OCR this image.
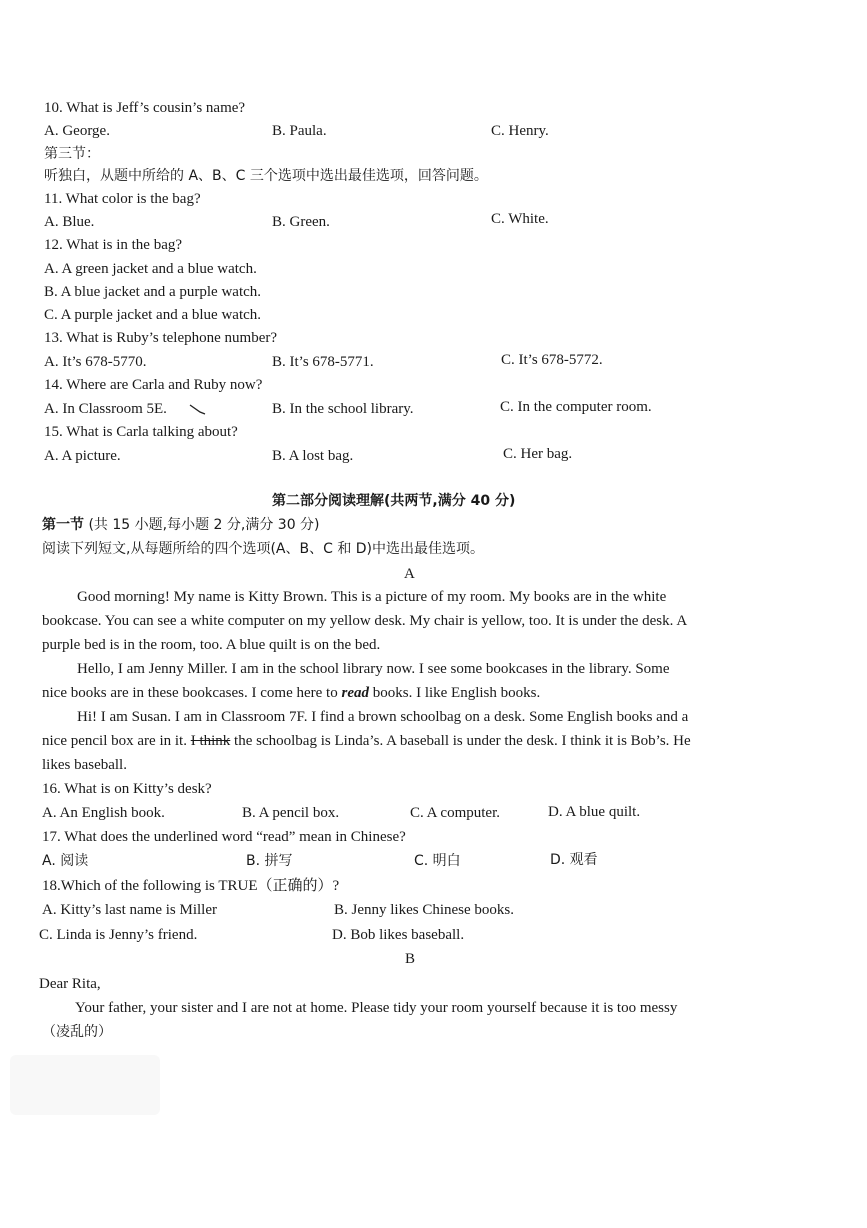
10. What is Jeff’s cousin’s name?
A. George.	B. Paula.	C. Henry.
第三节：
听独白，从题中所给的 A、B、C 三个选项中选出最佳选项，回答问题。
11. What color is the bag?
A. Blue.	B. Green.	C. White.
12. What is in the bag?
A. A green jacket and a blue watch.
B. A blue jacket and a purple watch.
C. A purple jacket and a blue watch.
13. What is Ruby’s telephone number?
A. It’s 678-5770.	B. It’s 678-5771.	C. It’s 678-5772.
14. Where are Carla and Ruby now?
A. In Classroom 5E.	B. In the school library.	C. In the computer room.
15. What is Carla talking about?
A. A picture.	B. A lost bag.	C. Her bag.
第二部分阅读理解(共两节,满分 40 分)
第一节 (共 15 小题,每小题 2 分,满分 30 分)
阅读下列短文,从每题所给的四个选项(A、B、C 和 D)中选出最佳选项。
A
Good morning! My name is Kitty Brown. This is a picture of my room. My books are in the white
bookcase. You can see a white computer on my yellow desk. My chair is yellow, too. It is under the desk. A
purple bed is in the room, too. A blue quilt is on the bed.
Hello, I am Jenny Miller. I am in the school library now. I see some bookcases in the library. Some
nice books are in these bookcases. I come here to read books. I like English books.
Hi! I am Susan. I am in Classroom 7F. I find a brown schoolbag on a desk. Some English books and a
nice pencil box are in it. I think the schoolbag is Linda’s. A baseball is under the desk. I think it is Bob’s. He
likes baseball.
16. What is on Kitty’s desk?
A. An English book.	B. A pencil box.	C. A computer.	D. A blue quilt.
17. What does the underlined word “read” mean in Chinese?
A. 阅读	B. 拼写	C. 明白	D. 观看
18.Which of the following is TRUE（正确的）?
A. Kitty’s last name is Miller	B. Jenny likes Chinese books.
C. Linda is Jenny’s friend.	D. Bob likes baseball.
B
Dear Rita,
Your father, your sister and I are not at home. Please tidy your room yourself because it is too messy
（凌乱的）
